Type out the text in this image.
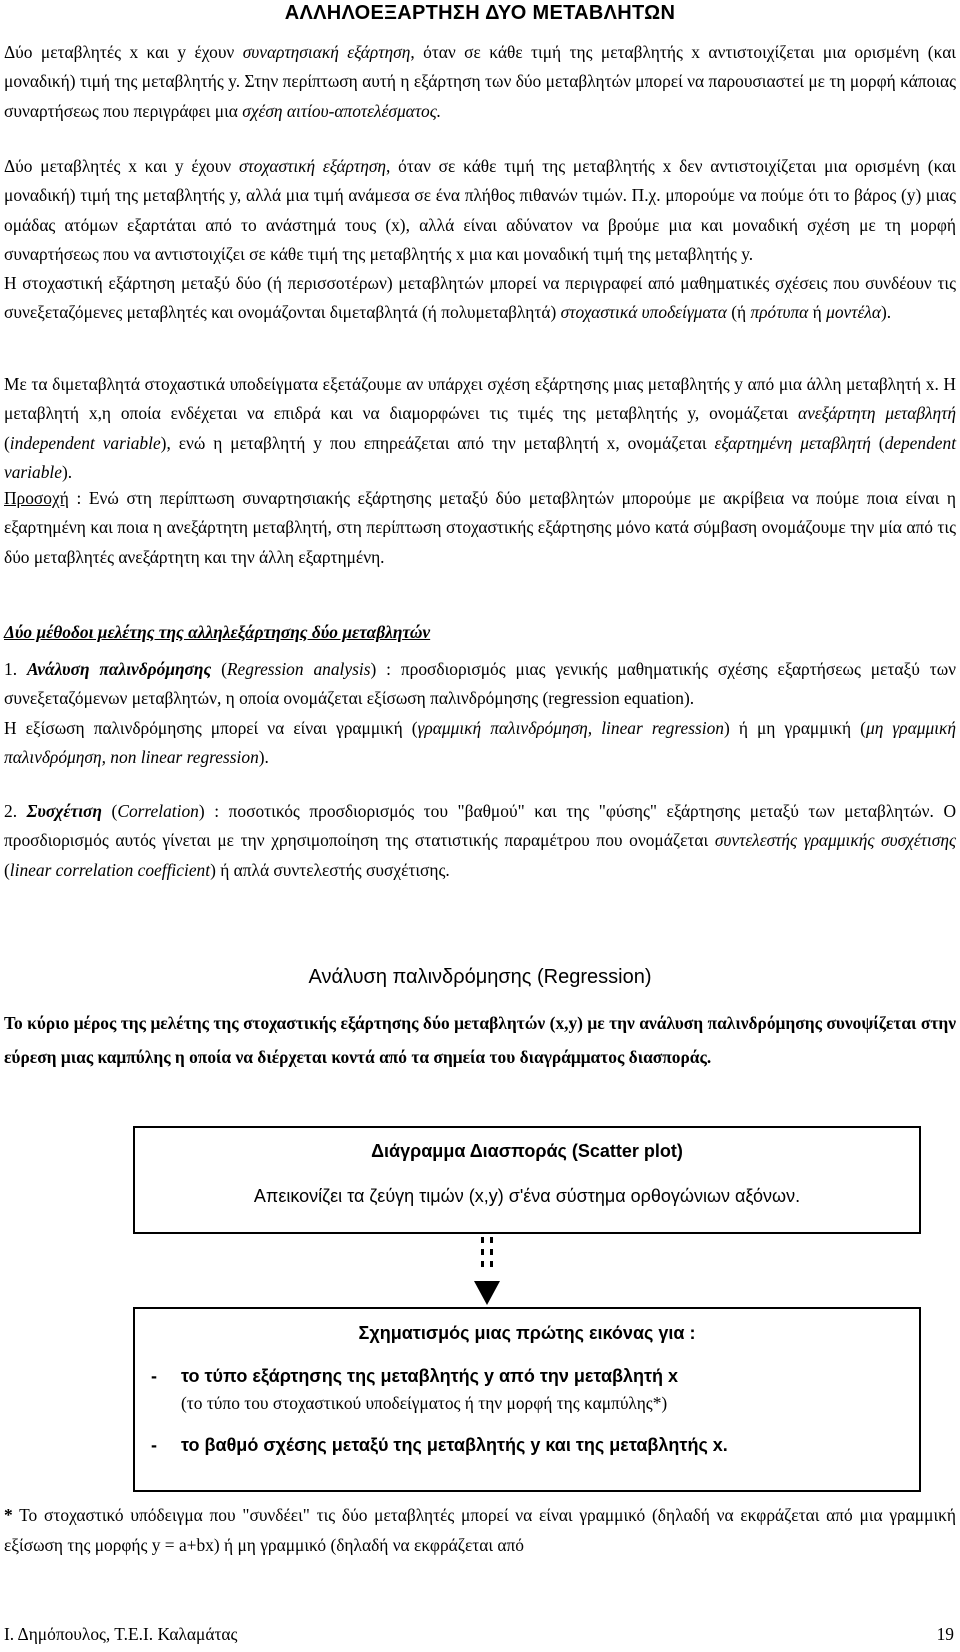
ΑΛΛΗΛΟΕΞΑΡΤΗΣΗ ΔΥΟ ΜΕΤΑΒΛΗΤΩΝ

Δύο μεταβλητές x και y έχουν συναρτησιακή εξάρτηση, όταν σε κάθε τιμή της μεταβλητής x αντιστοιχίζεται μια ορισμένη (και μοναδική) τιμή της μεταβλητής y. Στην περίπτωση αυτή η εξάρτηση των δύο μεταβλητών μπορεί να παρουσιαστεί με τη μορφή κάποιας συναρτήσεως που περιγράφει μια σχέση αιτίου-αποτελέσματος.

Δύο μεταβλητές x και y έχουν στοχαστική εξάρτηση, όταν σε κάθε τιμή της μεταβλητής x δεν αντιστοιχίζεται μια ορισμένη (και μοναδική) τιμή της μεταβλητής y, αλλά μια τιμή ανάμεσα σε ένα πλήθος πιθανών τιμών. Π.χ. μπορούμε να πούμε ότι το βάρος (y) μιας ομάδας ατόμων εξαρτάται από το ανάστημά τους (x), αλλά είναι αδύνατον να βρούμε μια και μοναδική σχέση με τη μορφή συναρτήσεως που να αντιστοιχίζει σε κάθε τιμή της μεταβλητής x μια και μοναδική τιμή της μεταβλητής y.

Η στοχαστική εξάρτηση μεταξύ δύο (ή περισσοτέρων) μεταβλητών μπορεί να περιγραφεί από μαθηματικές σχέσεις που συνδέουν τις συνεξεταζόμενες μεταβλητές και ονομάζονται διμεταβλητά (ή πολυμεταβλητά) στοχαστικά υποδείγματα (ή πρότυπα ή μοντέλα).

Με τα διμεταβλητά στοχαστικά υποδείγματα εξετάζουμε αν υπάρχει σχέση εξάρτησης μιας μεταβλητής y από μια άλλη μεταβλητή x. Η μεταβλητή x,η οποία ενδέχεται να επιδρά και να διαμορφώνει τις τιμές της μεταβλητής y, ονομάζεται ανεξάρτητη μεταβλητή (independent variable), ενώ η μεταβλητή y που επηρεάζεται από την μεταβλητή x, ονομάζεται εξαρτημένη μεταβλητή (dependent variable).

Προσοχή : Ενώ στη περίπτωση συναρτησιακής εξάρτησης μεταξύ δύο μεταβλητών μπορούμε με ακρίβεια να πούμε ποια είναι η εξαρτημένη και ποια η ανεξάρτητη μεταβλητή, στη περίπτωση στοχαστικής εξάρτησης μόνο κατά σύμβαση ονομάζουμε την μία από τις δύο μεταβλητές ανεξάρτητη και την άλλη εξαρτημένη.

Δύο μέθοδοι μελέτης της αλληλεξάρτησης δύο μεταβλητών

1. Ανάλυση παλινδρόμησης (Regression analysis) : προσδιορισμός μιας γενικής μαθηματικής σχέσης εξαρτήσεως μεταξύ των συνεξεταζόμενων μεταβλητών, η οποία ονομάζεται εξίσωση παλινδρόμησης (regression equation).

Η εξίσωση παλινδρόμησης μπορεί να είναι γραμμική (γραμμική παλινδρόμηση, linear regression) ή μη γραμμική (μη γραμμική παλινδρόμηση, non linear regression).

2. Συσχέτιση (Correlation) : ποσοτικός προσδιορισμός του "βαθμού" και της "φύσης" εξάρτησης μεταξύ των μεταβλητών. Ο προσδιορισμός αυτός γίνεται με την χρησιμοποίηση της στατιστικής παραμέτρου που ονομάζεται συντελεστής γραμμικής συσχέτισης (linear correlation coefficient) ή απλά συντελεστής συσχέτισης.

Ανάλυση παλινδρόμησης (Regression)
Το κύριο μέρος της μελέτης της στοχαστικής εξάρτησης δύο μεταβλητών (x,y) με την ανάλυση παλινδρόμησης συνοψίζεται στην εύρεση μιας καμπύλης η οποία να διέρχεται κοντά από τα σημεία του διαγράμματος διασποράς.
Διάγραμμα Διασποράς (Scatter plot)
Απεικονίζει τα ζεύγη τιμών (x,y) σ'ένα σύστημα ορθογώνιων αξόνων.
Σχηματισμός μιας πρώτης εικόνας για :
- το τύπο εξάρτησης της μεταβλητής y από την μεταβλητή x
(το τύπο του στοχαστικού υποδείγματος ή την μορφή της καμπύλης*)
- το βαθμό σχέσης μεταξύ της μεταβλητής y και της μεταβλητής x.
* Το στοχαστικό υπόδειγμα που "συνδέει" τις δύο μεταβλητές μπορεί να είναι γραμμικό (δηλαδή να εκφράζεται από μια γραμμική εξίσωση της μορφής y = a+bx) ή μη γραμμικό (δηλαδή να εκφράζεται από
Ι. Δημόπουλος, Τ.Ε.Ι. Καλαμάτας	19
